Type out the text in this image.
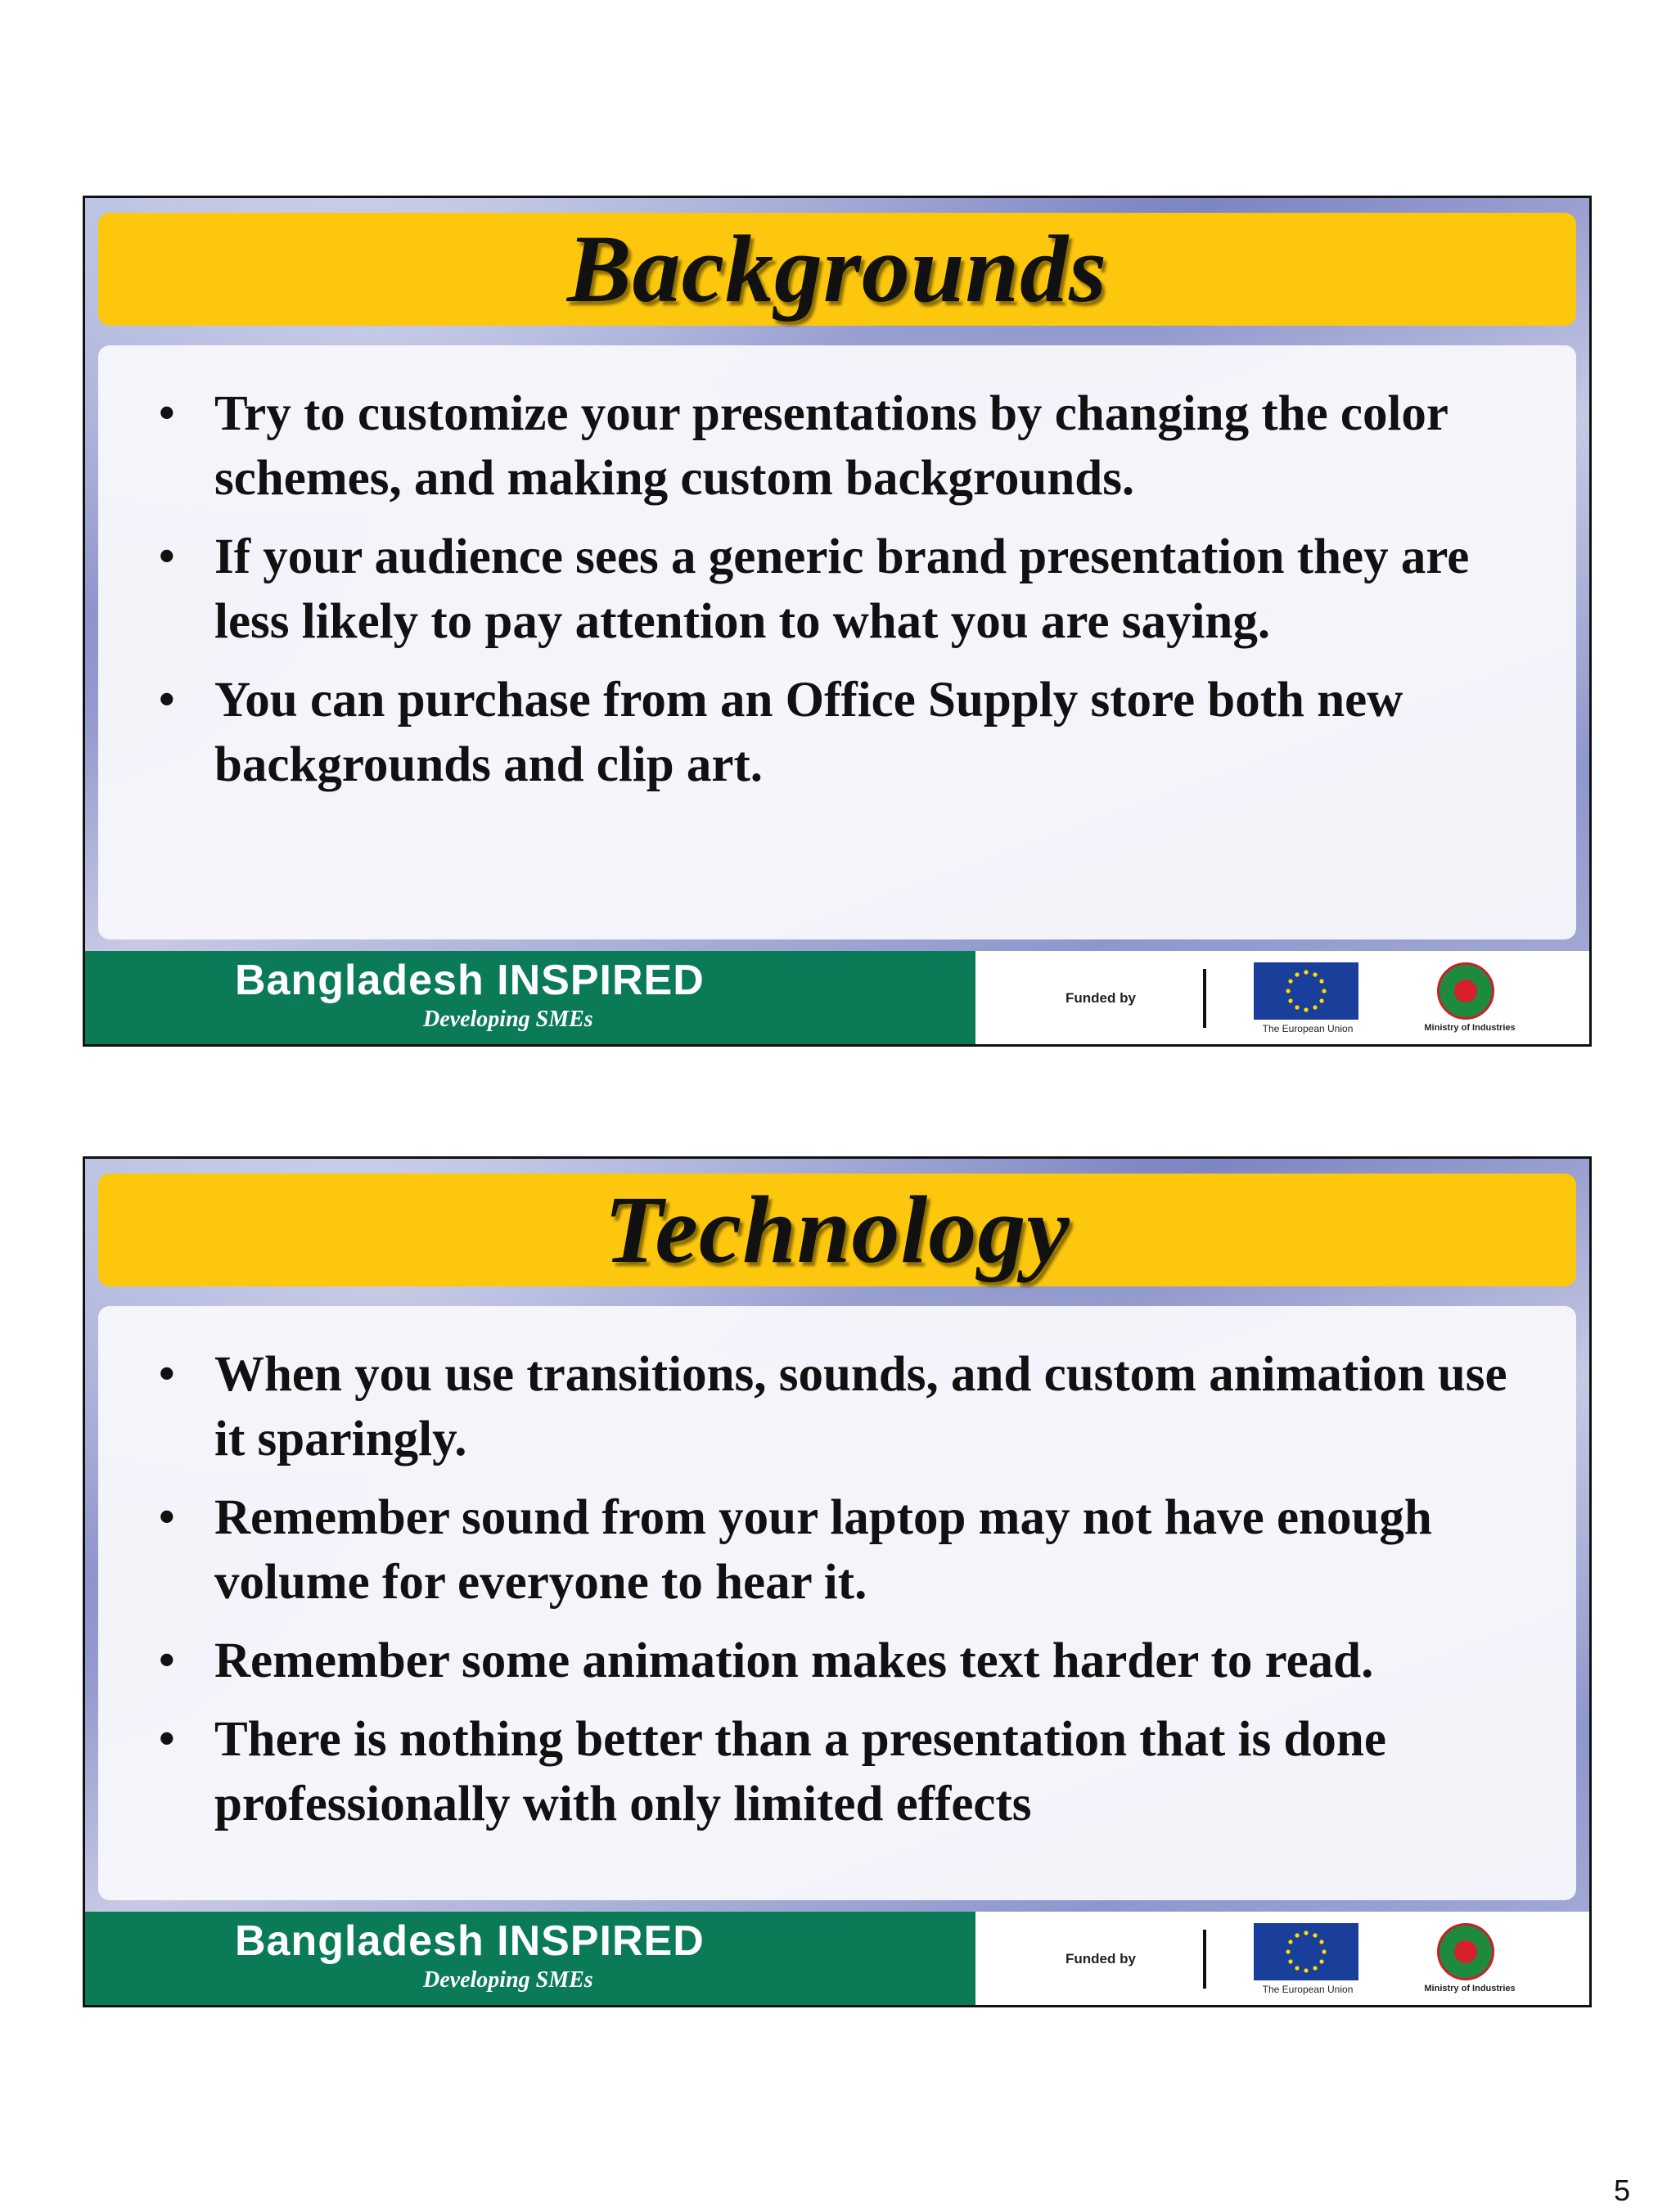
Backgrounds
• Try to customize your presentations by changing the color schemes, and making custom backgrounds.
• If your audience sees a generic brand presentation they are less likely to pay attention to what you are saying.
• You can purchase from an Office Supply store both new backgrounds and clip art.
Bangladesh INSPIRED
Developing SMEs
Funded by
The European Union	Ministry of Industries
Technology
• When you use transitions, sounds, and custom animation use it sparingly.
• Remember sound from your laptop may not have enough volume for everyone to hear it.
• Remember some animation makes text harder to read.
• There is nothing better than a presentation that is done professionally with only limited effects
Bangladesh INSPIRED
Developing SMEs
Funded by
The European Union	Ministry of Industries
5
